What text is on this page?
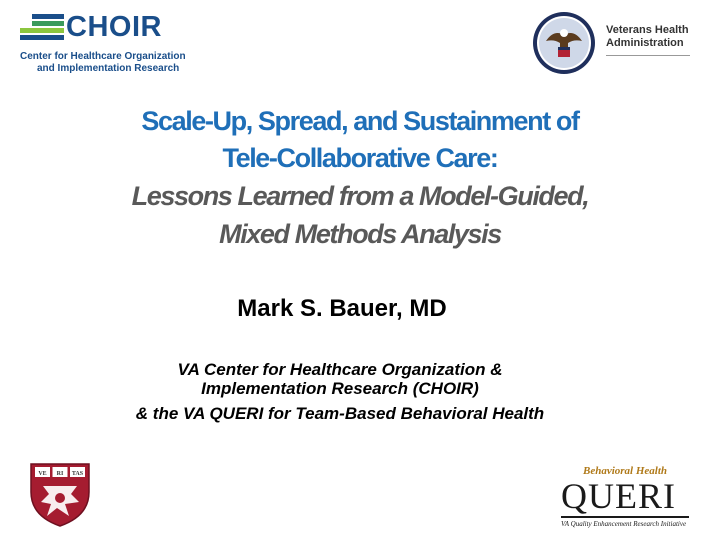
CHOIR
Center for Healthcare Organization
and Implementation Research
Veterans Health
Administration
Scale-Up, Spread, and Sustainment of
Tele-Collaborative Care:
Lessons Learned from a Model-Guided,
Mixed Methods Analysis
Mark S. Bauer, MD
VA Center for Healthcare Organization &
Implementation Research (CHOIR)
& the VA QUERI for Team-Based Behavioral Health
VE RI TAS	Behavioral Health
QUERI
VA Quality Enhancement Research Initiative
